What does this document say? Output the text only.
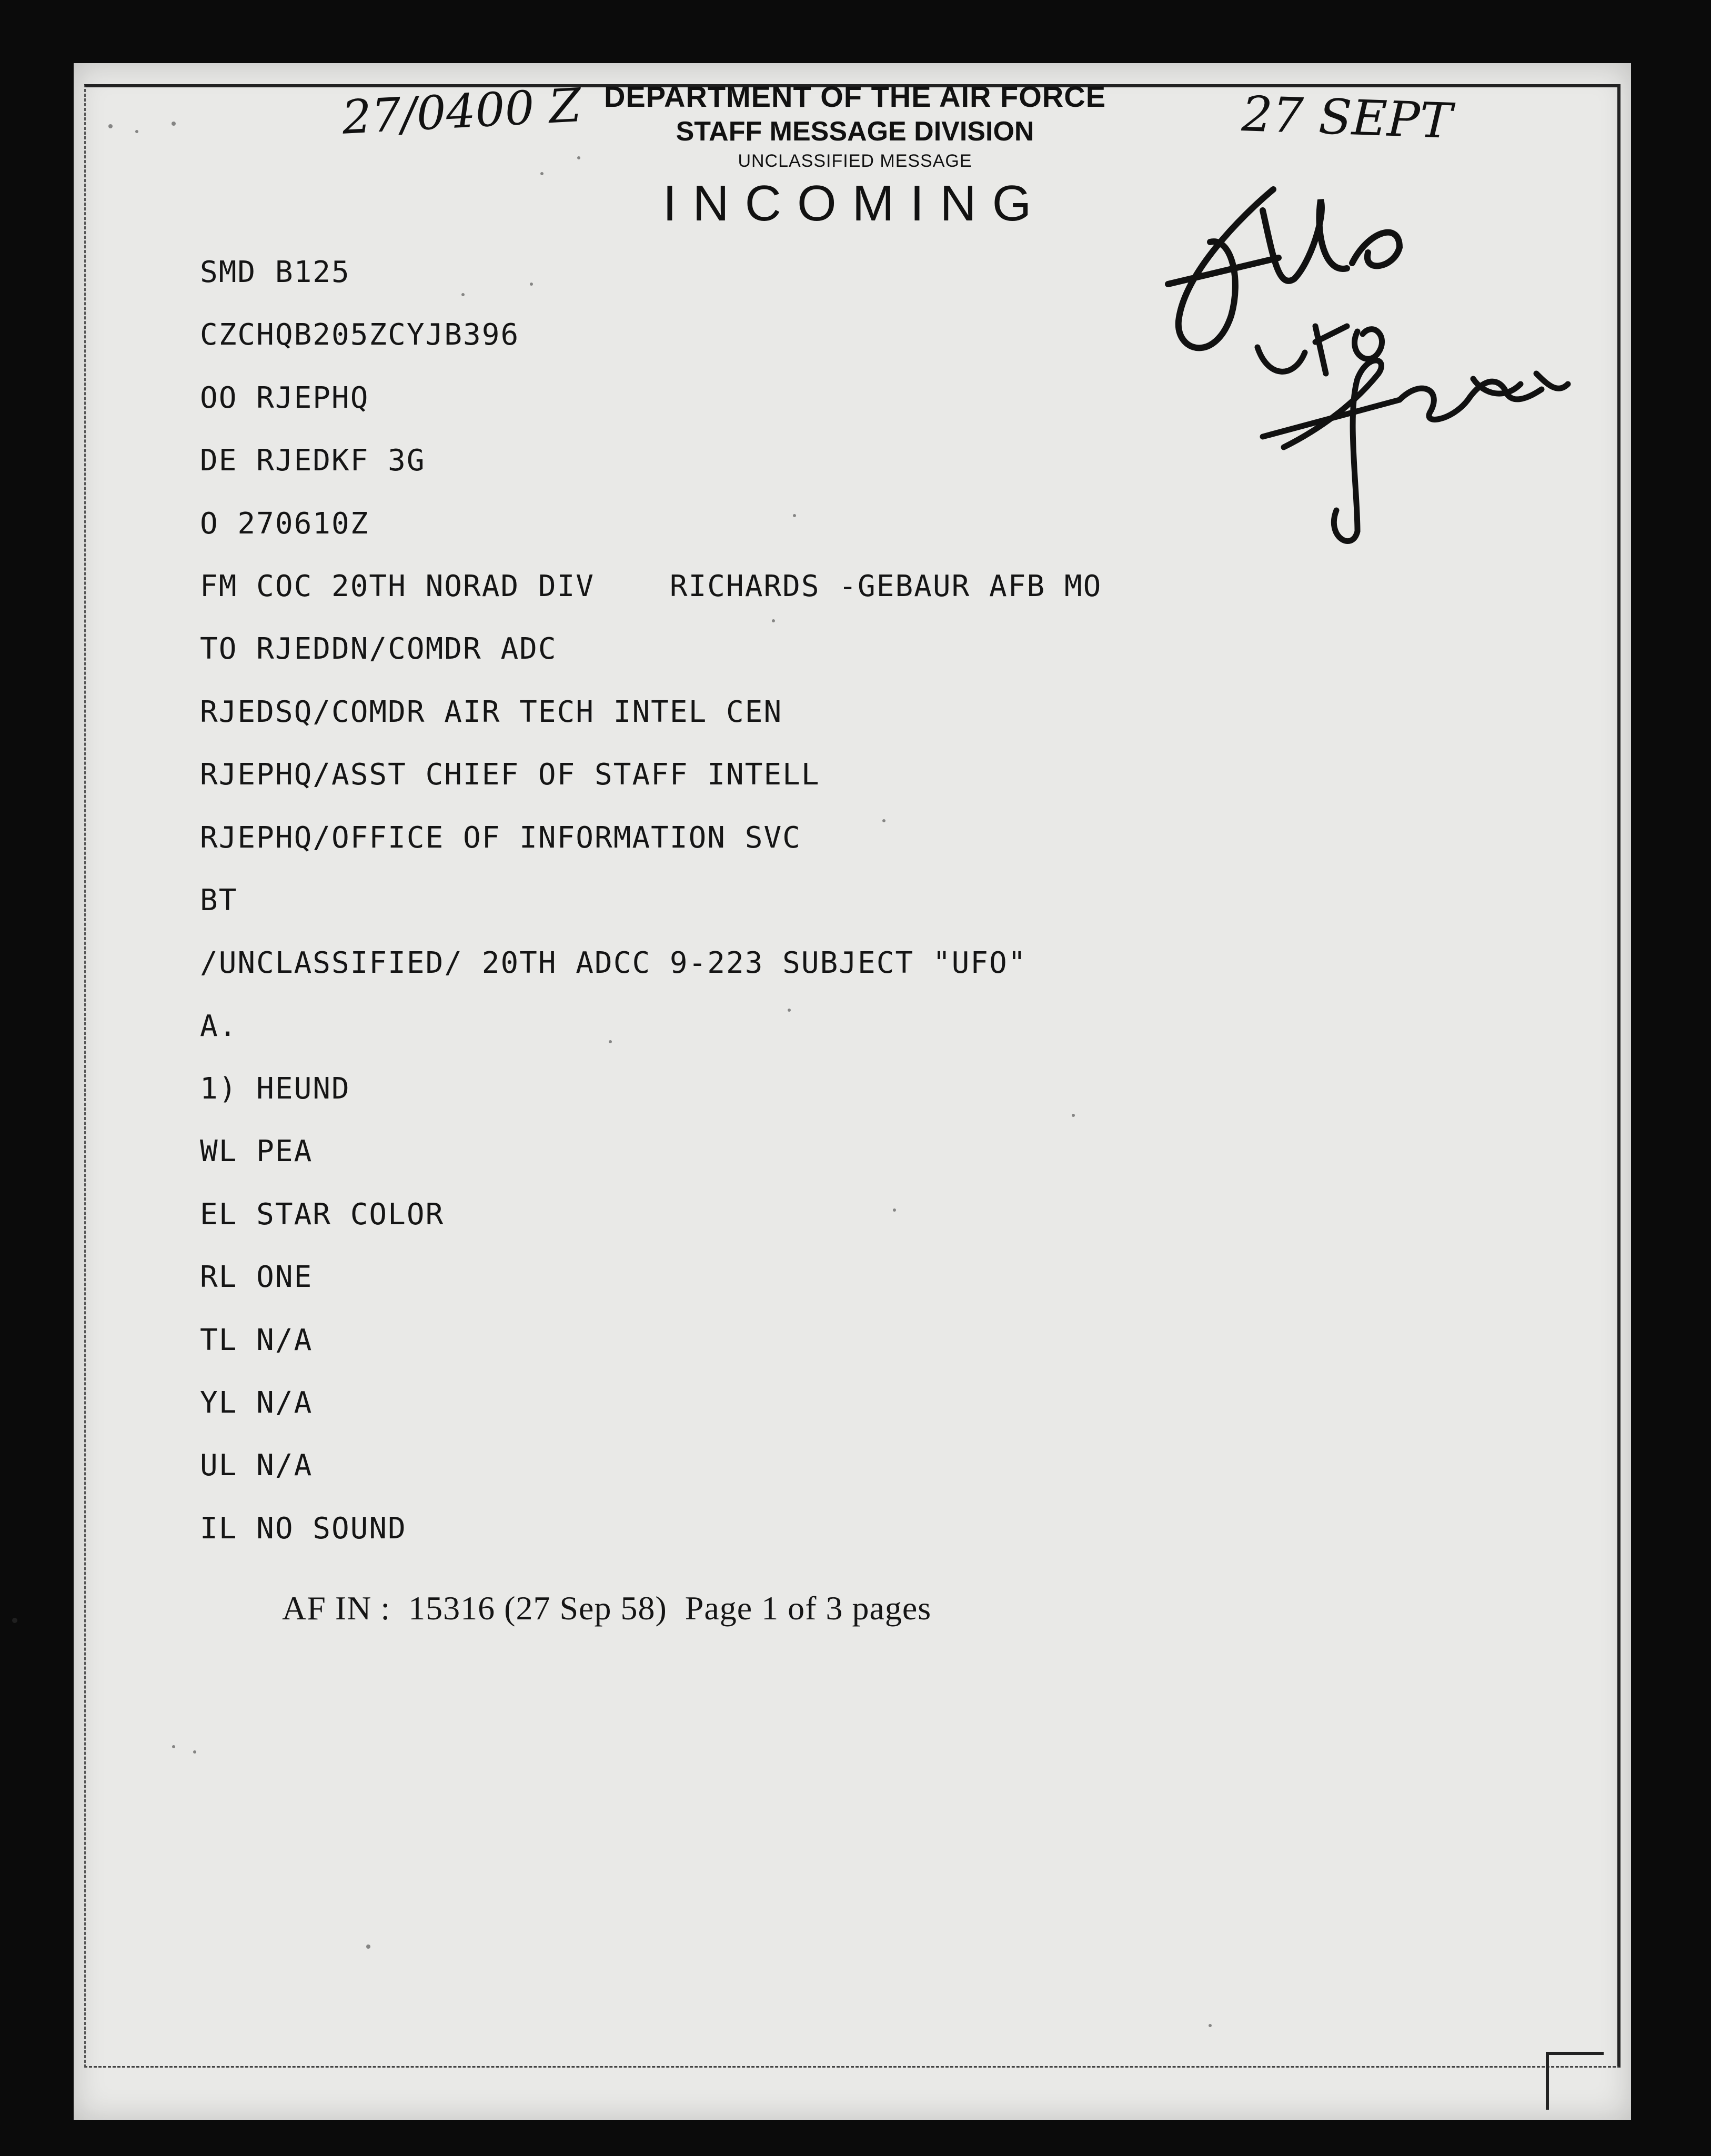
DEPARTMENT OF THE AIR FORCE
STAFF MESSAGE DIVISION
UNCLASSIFIED MESSAGE
INCOMING
27/0400 Z	27 SEPT
SMD B125
CZCHQB205ZCYJB396
OO RJEPHQ
DE RJEDKF 3G
O 270610Z
FM COC 20TH NORAD DIV    RICHARDS -GEBAUR AFB MO
TO RJEDDN/COMDR ADC
RJEDSQ/COMDR AIR TECH INTEL CEN
RJEPHQ/ASST CHIEF OF STAFF INTELL
RJEPHQ/OFFICE OF INFORMATION SVC
BT
/UNCLASSIFIED/ 20TH ADCC 9-223 SUBJECT "UFO"
A.
1) HEUND
WL PEA
EL STAR COLOR
RL ONE
TL N/A
YL N/A
UL N/A
IL NO SOUND
AF IN :  15316 (27 Sep 58)  Page 1 of 3 pages
